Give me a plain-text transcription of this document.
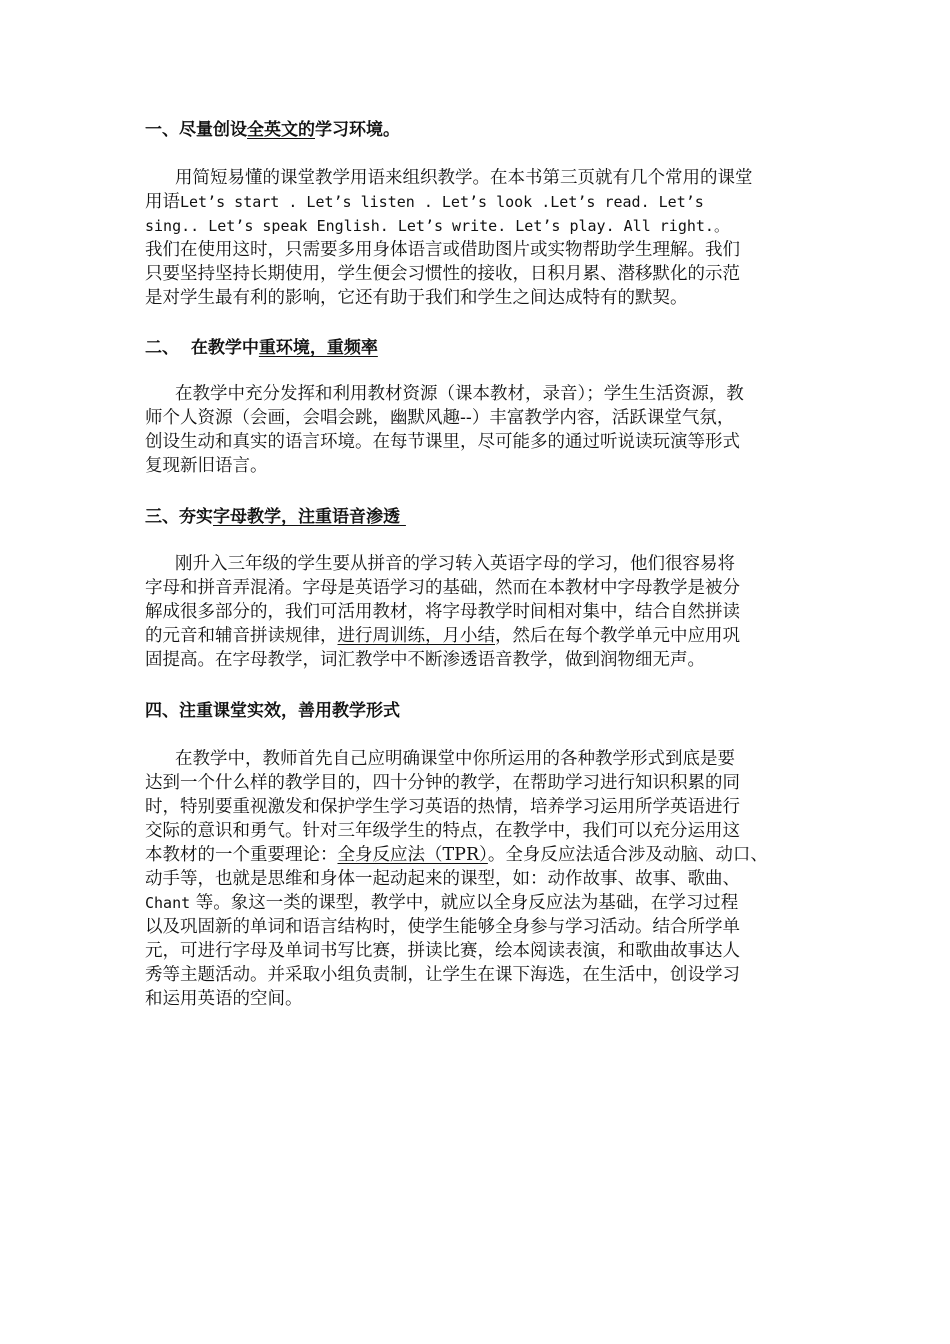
一、尽量创设全英文的学习环境。

用简短易懂的课堂教学用语来组织教学。在本书第三页就有几个常用的课堂

用语Let’s start . Let’s listen . Let’s look .Let’s read. Let’s

sing.. Let’s speak English. Let’s write. Let’s play. All right.。

我们在使用这时，只需要多用身体语言或借助图片或实物帮助学生理解。我们

只要坚持坚持长期使用，学生便会习惯性的接收，日积月累、潜移默化的示范

是对学生最有利的影响，它还有助于我们和学生之间达成特有的默契。

二、  在教学中重环境，重频率

在教学中充分发挥和利用教材资源（课本教材，录音）；学生生活资源，教

师个人资源（会画，会唱会跳，幽默风趣--）丰富教学内容，活跃课堂气氛，

创设生动和真实的语言环境。在每节课里，尽可能多的通过听说读玩演等形式

复现新旧语言。

三、夯实字母教学，注重语音渗透

刚升入三年级的学生要从拼音的学习转入英语字母的学习，他们很容易将

字母和拼音弄混淆。字母是英语学习的基础，然而在本教材中字母教学是被分

解成很多部分的，我们可活用教材，将字母教学时间相对集中，结合自然拼读

的元音和辅音拼读规律，进行周训练，月小结，然后在每个教学单元中应用巩

固提高。在字母教学，词汇教学中不断渗透语音教学，做到润物细无声。

四、注重课堂实效，善用教学形式

在教学中，教师首先自己应明确课堂中你所运用的各种教学形式到底是要

达到一个什么样的教学目的，四十分钟的教学，在帮助学习进行知识积累的同

时，特别要重视激发和保护学生学习英语的热情，培养学习运用所学英语进行

交际的意识和勇气。针对三年级学生的特点，在教学中，我们可以充分运用这

本教材的一个重要理论：全身反应法（TPR）。全身反应法适合涉及动脑、动口、

动手等，也就是思维和身体一起动起来的课型，如：动作故事、故事、歌曲、

Chant 等。象这一类的课型，教学中，就应以全身反应法为基础，在学习过程

以及巩固新的单词和语言结构时，使学生能够全身参与学习活动。结合所学单

元，可进行字母及单词书写比赛，拼读比赛，绘本阅读表演，和歌曲故事达人

秀等主题活动。并采取小组负责制，让学生在课下海选，在生活中，创设学习

和运用英语的空间。
